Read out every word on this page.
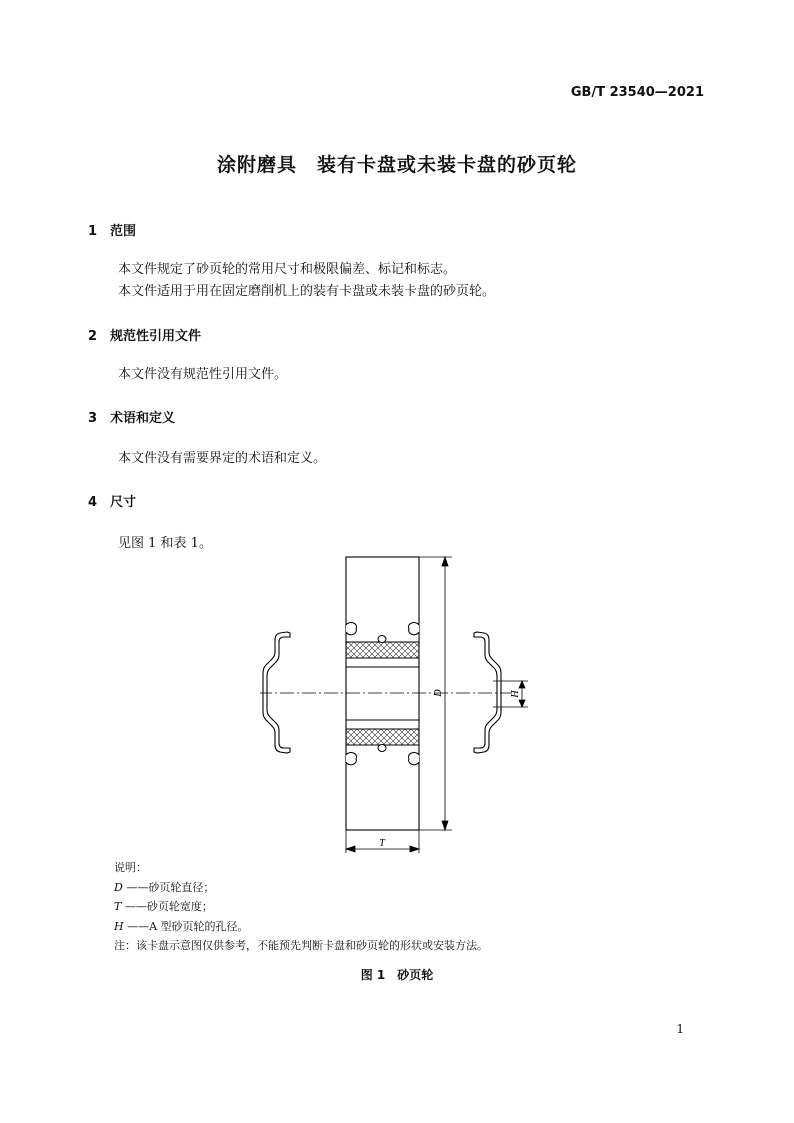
GB/T 23540—2021
涂附磨具　装有卡盘或未装卡盘的砂页轮
1 范围
本文件规定了砂页轮的常用尺寸和极限偏差、标记和标志。
本文件适用于用在固定磨削机上的装有卡盘或未装卡盘的砂页轮。
2 规范性引用文件
本文件没有规范性引用文件。
3 术语和定义
本文件没有需要界定的术语和定义。
4 尺寸
见图 1 和表 1。
D
T
H
说明：
D ——砂页轮直径；
T ——砂页轮宽度；
H ——A 型砂页轮的孔径。
注：该卡盘示意图仅供参考，不能预先判断卡盘和砂页轮的形状或安装方法。
图 1 砂页轮
1
